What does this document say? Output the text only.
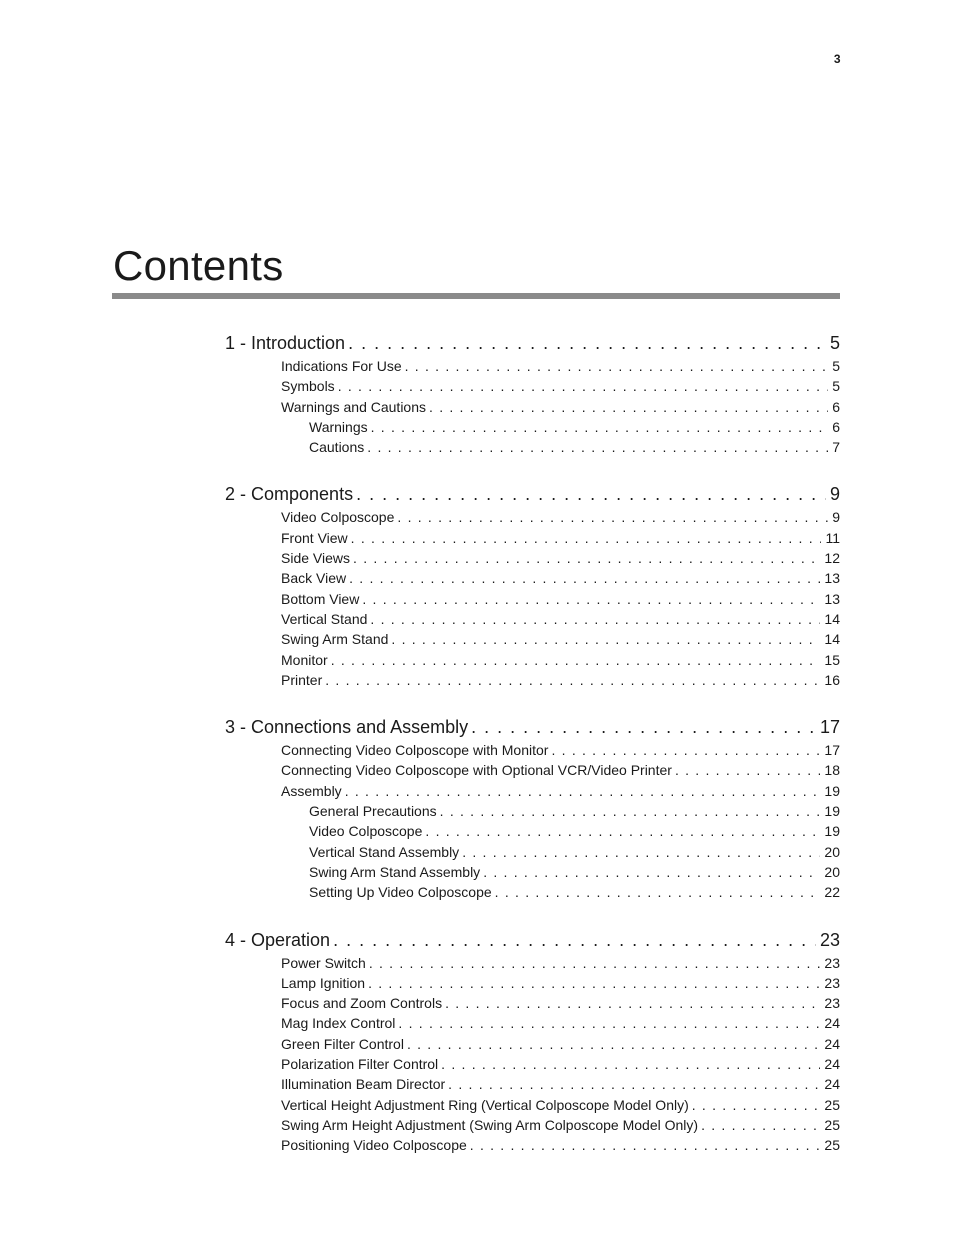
3
Contents
1 - Introduction . . .	5
Indications For Use . . .	5
Symbols . . .	5
Warnings and Cautions . . .	6
Warnings . . .	6
Cautions . . .	7
2 - Components . . .	9
Video Colposcope . . .	9
Front View . . .	11
Side Views . . .	12
Back View . . .	13
Bottom View . . .	13
Vertical Stand . . .	14
Swing Arm Stand . . .	14
Monitor . . .	15
Printer . . .	16
3 - Connections and Assembly . . .	17
Connecting Video Colposcope with Monitor . . .	17
Connecting Video Colposcope with Optional VCR/Video Printer . . .	18
Assembly . . .	19
General Precautions . . .	19
Video Colposcope . . .	19
Vertical Stand Assembly . . .	20
Swing Arm Stand Assembly . . .	20
Setting Up Video Colposcope . . .	22
4 - Operation . . .	23
Power Switch . . .	23
Lamp Ignition . . .	23
Focus and Zoom Controls . . .	23
Mag Index Control . . .	24
Green Filter Control . . .	24
Polarization Filter Control . . .	24
Illumination Beam Director . . .	24
Vertical Height Adjustment Ring (Vertical Colposcope Model Only) . . .	25
Swing Arm Height Adjustment (Swing Arm Colposcope Model Only) . . .	25
Positioning Video Colposcope . . .	25
